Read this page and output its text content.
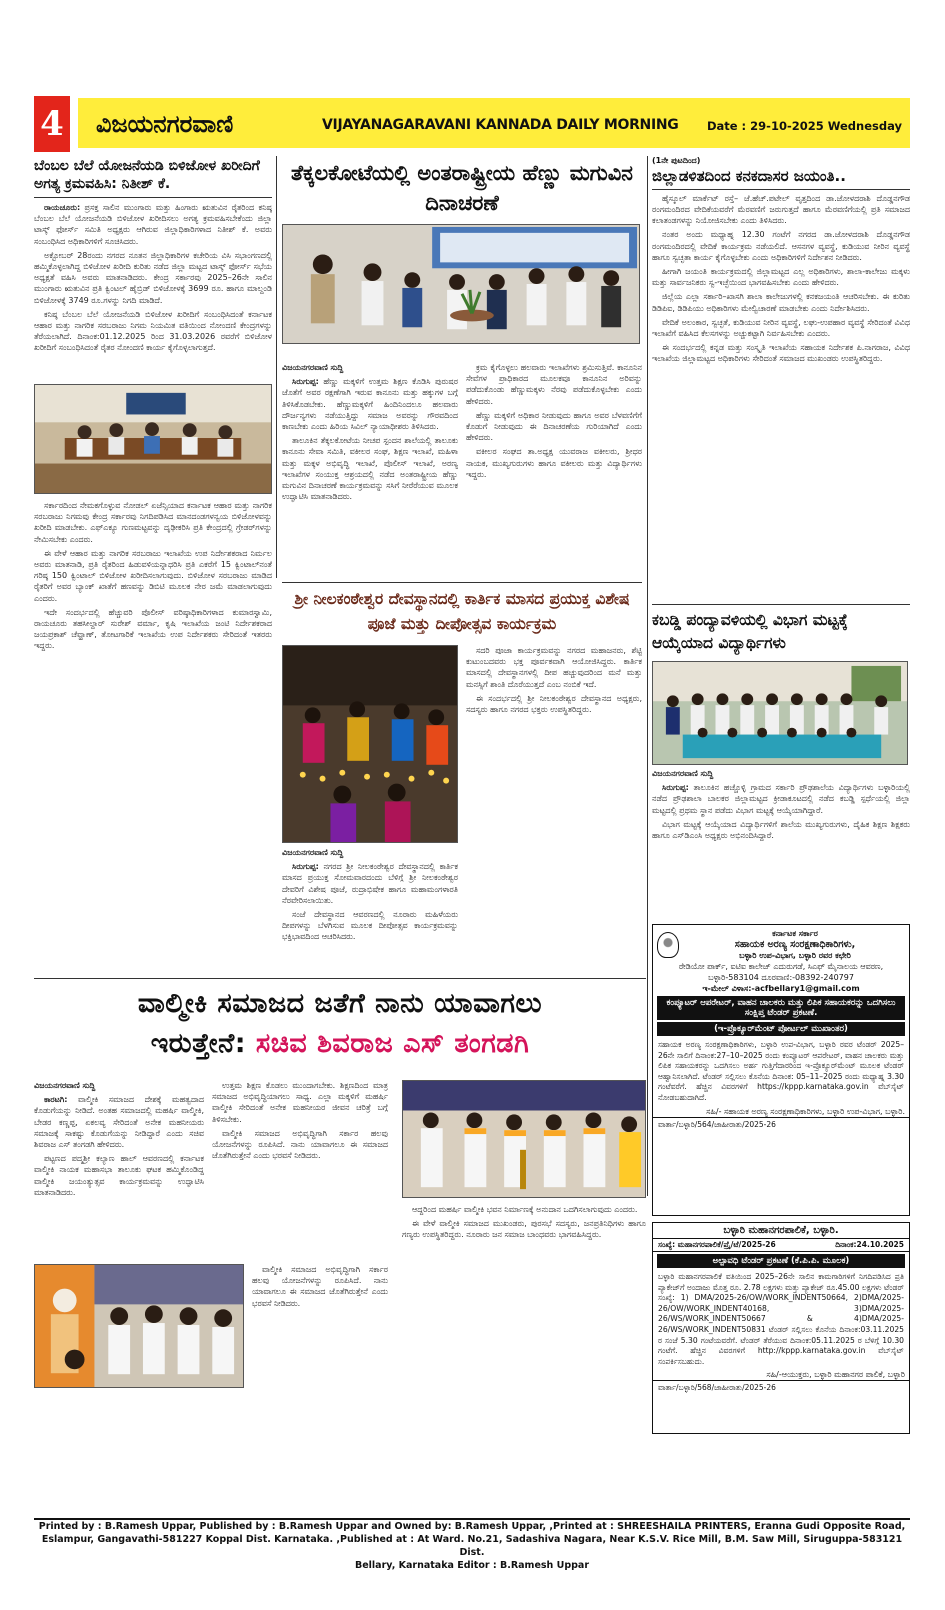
4 ವಿಜಯನಗರವಾಣಿ	VIJAYANAGARAVANI KANNADA DAILY MORNING Date : 29-10-2025 Wednesday
ಬೆಂಬಲ ಬೆಲೆ ಯೋಜನೆಯಡಿ ಬಿಳಿಜೋಳ ಖರೀದಿಗೆ ಅಗತ್ಯ ಕ್ರಮವಹಿಸಿ: ನಿತೀಶ್ ಕೆ.

ರಾಯಚೂರು: ಪ್ರಸಕ್ತ ಸಾಲಿನ ಮುಂಗಾರು ಮತ್ತು ಹಿಂಗಾರು ಋತುವಿನ ರೈತರಿಂದ ಕನಿಷ್ಠ ಬೆಂಬಲ ಬೆಲೆ ಯೋಜನೆಯಡಿ ಬಿಳಿಜೋಳ ಖರೀದಿಸಲು ಅಗತ್ಯ ಕ್ರಮವಹಿಸಬೇಕೆಂದು ಜಿಲ್ಲಾ ಟಾಸ್ಕ್ ಫೋರ್ಸ್ ಸಮಿತಿ ಅಧ್ಯಕ್ಷರು ಆಗಿರುವ ಜಿಲ್ಲಾಧಿಕಾರಿಗಳಾದ ನಿತೀಶ್ ಕೆ. ಅವರು ಸಂಬಂಧಿಸಿದ ಅಧಿಕಾರಿಗಳಿಗೆ ಸೂಚಿಸಿದರು.

ಅಕ್ಟೋಬರ್ 28ರಂದು ನಗರದ ನೂತನ ಜಿಲ್ಲಾಧಿಕಾರಿಗಳ ಕಚೇರಿಯ ವಿಸಿ ಸಭಾಂಗಣದಲ್ಲಿ ಹಮ್ಮಿಕೊಳ್ಳಲಾಗಿದ್ದ ಬಿಳಿಜೋಳ ಖರೀದಿ ಕುರಿತು ನಡೆದ ಜಿಲ್ಲಾ ಮಟ್ಟದ ಟಾಸ್ಕ್ ಫೋರ್ಸ್ ಸಭೆಯ ಅಧ್ಯಕ್ಷತೆ ವಹಿಸಿ ಅವರು ಮಾತನಾಡಿದರು. ಕೇಂದ್ರ ಸರ್ಕಾರವು 2025–26ನೇ ಸಾಲಿನ ಮುಂಗಾರು ಋತುವಿನ ಪ್ರತಿ ಕ್ವಿಂಟಲ್ ಹೈಬ್ರಿಡ್ ಬಿಳಿಜೋಳಕ್ಕೆ 3699 ರೂ. ಹಾಗೂ ಮಾಲ್ದಂಡಿ ಬಿಳಿಜೋಳಕ್ಕೆ 3749 ರೂ.ಗಳನ್ನು ನಿಗದಿ ಮಾಡಿದೆ.

ಕನಿಷ್ಠ ಬೆಂಬಲ ಬೆಲೆ ಯೋಜನೆಯಡಿ ಬಿಳಿಜೋಳ ಖರೀದಿಗೆ ಸಂಬಂಧಿಸಿದಂತೆ ಕರ್ನಾಟಕ ಆಹಾರ ಮತ್ತು ನಾಗರಿಕ ಸರಬರಾಜು ನಿಗಮ ನಿಯಮಿತ ವತಿಯಿಂದ ನೋಂದಣಿ ಕೇಂದ್ರಗಳನ್ನು ತೆರೆಯಲಾಗಿದೆ. ದಿನಾಂಕ:01.12.2025 ರಿಂದ 31.03.2026 ರವರೆಗೆ ಬಿಳಿಜೋಳ ಖರೀದಿಗೆ ಸಂಬಂಧಿಸಿದಂತೆ ರೈತರ ನೋಂದಣಿ ಕಾರ್ಯ ಕೈಗೊಳ್ಳಲಾಗುತ್ತದೆ.

ಸರ್ಕಾರದಿಂದ ನೇಮಕಗೊಳ್ಳುವ ನೋಡಲ್ ಏಜೆನ್ಸಿಯಾದ ಕರ್ನಾಟಕ ಆಹಾರ ಮತ್ತು ನಾಗರಿಕ ಸರಬರಾಜು ನಿಗಮವು ಕೇಂದ್ರ ಸರ್ಕಾರವು ನಿಗದಿಪಡಿಸಿದ ಮಾನದಂಡಗಳನ್ವಯ ಬಿಳಿಜೋಳವನ್ನು ಖರೀದಿ ಮಾಡಬೇಕು. ಎಫ್‌ಎಕ್ಯೂ ಗುಣಮಟ್ಟವನ್ನು ದೃಢೀಕರಿಸಿ ಪ್ರತಿ ಕೇಂದ್ರದಲ್ಲಿ ಗ್ರೇಡರ್‌ಗಳನ್ನು ನೇಮಿಸಬೇಕು ಎಂದರು.

ಈ ವೇಳೆ ಆಹಾರ ಮತ್ತು ನಾಗರಿಕ ಸರಬರಾಜು ಇಲಾಖೆಯ ಉಪ ನಿರ್ದೇಶಕರಾದ ನಿರ್ಮಲ ಅವರು ಮಾತನಾಡಿ, ಪ್ರತಿ ರೈತರಿಂದ ಹಿಡುವಳಿಯನ್ನಾಧರಿಸಿ ಪ್ರತಿ ಎಕರೆಗೆ 15 ಕ್ವಿಂಟಾಲ್‌ನಂತೆ ಗರಿಷ್ಠ 150 ಕ್ವಿಂಟಾಲ್ ಬಿಳಿಜೋಳ ಖರೀದಿಸಲಾಗುವುದು. ಬಿಳಿಜೋಳ ಸರಬರಾಜು ಮಾಡಿದ ರೈತರಿಗೆ ಅವರ ಬ್ಯಾಂಕ್ ಖಾತೆಗೆ ಹಣವನ್ನು ಡಿಬಿಟಿ ಮೂಲಕ ನೇರ ಜಮೆ ಮಾಡಲಾಗುವುದು ಎಂದರು.

ಇದೇ ಸಂದರ್ಭದಲ್ಲಿ ಹೆಚ್ಚುವರಿ ಪೊಲೀಸ್ ವರಿಷ್ಠಾಧಿಕಾರಿಗಳಾದ ಕುಮಾರಸ್ವಾಮಿ, ರಾಯಚೂರು ತಹಸೀಲ್ದಾರ್ ಸುರೇಶ್ ವರ್ಮಾ, ಕೃಷಿ ಇಲಾಖೆಯ ಜಂಟಿ ನಿರ್ದೇಶಕರಾದ ಜಯಪ್ರಕಾಶ್ ಚೆವ್ಹಾಣ್, ತೋಟಗಾರಿಕೆ ಇಲಾಖೆಯ ಉಪ ನಿರ್ದೇಶಕರು ಸೇರಿದಂತೆ ಇತರರು ಇದ್ದರು.

ತೆಕ್ಕಲಕೋಟೆಯಲ್ಲಿ ಅಂತರಾಷ್ಟ್ರೀಯ ಹೆಣ್ಣು ಮಗುವಿನ ದಿನಾಚರಣೆ

ವಿಜಯನಗರವಾಣಿ ಸುದ್ದಿ

ಸಿರುಗುಪ್ಪ: ಹೆಣ್ಣು ಮಕ್ಕಳಿಗೆ ಉತ್ತಮ ಶಿಕ್ಷಣ ಕೊಡಿಸಿ ಪುರುಷರ ಜೊತೆಗೆ ಅವರ ರಕ್ಷಣೆಗಾಗಿ ಇರುವ ಕಾನೂನು ಮತ್ತು ಹಕ್ಕುಗಳ ಬಗ್ಗೆ ತಿಳಿಸಿಕೊಡಬೇಕು. ಹೆಣ್ಣುಮಕ್ಕಳಿಗೆ ಹಿಂದಿನಿಂದಲೂ ಹಲವಾರು ದೌರ್ಜನ್ಯಗಳು ನಡೆಯುತ್ತಿದ್ದು ಸಮಾಜ ಅವರನ್ನು ಗೌರವದಿಂದ ಕಾಣಬೇಕು ಎಂದು ಹಿರಿಯ ಸಿವಿಲ್ ನ್ಯಾಯಾಧೀಶರು ತಿಳಿಸಿದರು.

ತಾಲೂಕಿನ ತೆಕ್ಕಲಕೋಟೆಯ ನೀಚಪ ಸ್ಪಂದನ ಶಾಲೆಯಲ್ಲಿ ತಾಲೂಕು ಕಾನೂನು ಸೇವಾ ಸಮಿತಿ, ವಕೀಲರ ಸಂಘ, ಶಿಕ್ಷಣ ಇಲಾಖೆ, ಮಹಿಳಾ ಮತ್ತು ಮಕ್ಕಳ ಅಭಿವೃದ್ಧಿ ಇಲಾಖೆ, ಪೊಲೀಸ್ ಇಲಾಖೆ, ಅರಣ್ಯ ಇಲಾಖೆಗಳ ಸಂಯುಕ್ತ ಆಶ್ರಯದಲ್ಲಿ ನಡೆದ ಅಂತರಾಷ್ಟ್ರೀಯ ಹೆಣ್ಣು ಮಗುವಿನ ದಿನಾಚರಣೆ ಕಾರ್ಯಕ್ರಮವನ್ನು ಸಸಿಗೆ ನೀರೆರೆಯುವ ಮೂಲಕ ಉದ್ಘಾಟಿಸಿ ಮಾತನಾಡಿದರು.

ಕ್ರಮ ಕೈಗೊಳ್ಳಲು ಹಲವಾರು ಇಲಾಖೆಗಳು ಶ್ರಮಿಸುತ್ತಿವೆ. ಕಾನೂನಿನ ಸೇವೆಗಳ ಪ್ರಾಧಿಕಾರದ ಮೂಲಕವೂ ಕಾನೂನಿನ ಅರಿವನ್ನು ಪಡೆದುಕೊಂಡು ಹೆಣ್ಣುಮಕ್ಕಳು ನೆರವು ಪಡೆದುಕೊಳ್ಳಬೇಕು ಎಂದು ಹೇಳಿದರು.

ಹೆಣ್ಣು ಮಕ್ಕಳಿಗೆ ಅಧಿಕಾರ ನೀಡುವುದು ಹಾಗೂ ಅವರ ಬೆಳವಣಿಗೆಗೆ ಕೊಡುಗೆ ನೀಡುವುದು ಈ ದಿನಾಚರಣೆಯ ಗುರಿಯಾಗಿದೆ ಎಂದು ಹೇಳಿದರು.

ವಕೀಲರ ಸಂಘದ ತಾ.ಅಧ್ಯಕ್ಷ ಯುವರಾಜ ವಕೀಲರು, ಶ್ರೀಧರ ನಾಯಕ, ಮುಖ್ಯಗುರುಗಳು ಹಾಗೂ ವಕೀಲರು ಮತ್ತು ವಿದ್ಯಾರ್ಥಿಗಳು ಇದ್ದರು.

ಶ್ರೀ ನೀಲಕಂಠೇಶ್ವರ ದೇವಸ್ಥಾನದಲ್ಲಿ ಕಾರ್ತಿಕ ಮಾಸದ ಪ್ರಯುಕ್ತ ವಿಶೇಷ ಪೂಜೆ ಮತ್ತು ದೀಪೋತ್ಸವ ಕಾರ್ಯಕ್ರಮ

ವಿಜಯನಗರವಾಣಿ ಸುದ್ದಿ

ಸಿರುಗುಪ್ಪ: ನಗರದ ಶ್ರೀ ನೀಲಕಂಠೇಶ್ವರ ದೇವಸ್ಥಾನದಲ್ಲಿ ಕಾರ್ತಿಕ ಮಾಸದ ಪ್ರಯುಕ್ತ ಸೋಮವಾರದಂದು ಬೆಳಿಗ್ಗೆ ಶ್ರೀ ನೀಲಕಂಠೇಶ್ವರ ದೇವರಿಗೆ ವಿಶೇಷ ಪೂಜೆ, ರುದ್ರಾಭಿಷೇಕ ಹಾಗೂ ಮಹಾಮಂಗಳಾರತಿ ನೆರವೇರಿಸಲಾಯಿತು.

ಸಂಜೆ ದೇವಸ್ಥಾನದ ಆವರಣದಲ್ಲಿ ನೂರಾರು ಮಹಿಳೆಯರು ದೀಪಗಳನ್ನು ಬೆಳಗಿಸುವ ಮೂಲಕ ದೀಪೋತ್ಸವ ಕಾರ್ಯಕ್ರಮವನ್ನು ಭಕ್ತಿಭಾವದಿಂದ ಆಚರಿಸಿದರು.

ಸದರಿ ಪೂಜಾ ಕಾರ್ಯಕ್ರಮವನ್ನು ನಗರದ ಮಹಾಜನರು, ಶೆಟ್ಟಿ ಕುಟುಂಬದವರು ಭಕ್ತ ಪೂರ್ವಕವಾಗಿ ಆಯೋಜಿಸಿದ್ದರು. ಕಾರ್ತಿಕ ಮಾಸದಲ್ಲಿ ದೇವಸ್ಥಾನಗಳಲ್ಲಿ ದೀಪ ಹಚ್ಚುವುದರಿಂದ ಮನೆ ಮತ್ತು ಮನಸ್ಸಿಗೆ ಶಾಂತಿ ದೊರೆಯುತ್ತದೆ ಎಂಬ ನಂಬಿಕೆ ಇದೆ.

ಈ ಸಂದರ್ಭದಲ್ಲಿ ಶ್ರೀ ನೀಲಕಂಠೇಶ್ವರ ದೇವಸ್ಥಾನದ ಅಧ್ಯಕ್ಷರು, ಸದಸ್ಯರು ಹಾಗೂ ನಗರದ ಭಕ್ತರು ಉಪಸ್ಥಿತರಿದ್ದರು.

(1ನೇ ಪುಟದಿಂದ)
ಜಿಲ್ಲಾಡಳಿತದಿಂದ ಕನಕದಾಸರ ಜಯಂತಿ..

ಹೈಸ್ಕೂಲ್ ಮಾರ್ಕೆಟ್ ರಸ್ತೆ– ಜೆ.ಹೆಚ್.ಪಟೇಲ್ ವೃತ್ತದಿಂದ ಡಾ.ಜೋಳದರಾಶಿ ದೊಡ್ಡನಗೌಡ ರಂಗಮಂದಿರದ ವೇದಿಕೆಯವರೆಗೆ ಮೆರವಣಿಗೆ ಜರುಗುತ್ತದೆ ಹಾಗೂ ಮೆರವಣಿಗೆಯಲ್ಲಿ ಪ್ರತಿ ಸಮಾಜದ ಕಲಾತಂಡಗಳನ್ನು ನಿಯೋಜಿಸಬೇಕು ಎಂದು ತಿಳಿಸಿದರು.

ನಂತರ ಅಂದು ಮಧ್ಯಾಹ್ನ 12.30 ಗಂಟೆಗೆ ನಗರದ ಡಾ.ಜೋಳದರಾಶಿ ದೊಡ್ಡನಗೌಡ ರಂಗಮಂದಿರದಲ್ಲಿ ವೇದಿಕೆ ಕಾರ್ಯಕ್ರಮ ನಡೆಯಲಿದೆ. ಆಸನಗಳ ವ್ಯವಸ್ಥೆ, ಕುಡಿಯುವ ನೀರಿನ ವ್ಯವಸ್ಥೆ ಹಾಗೂ ಸ್ವಚ್ಛತಾ ಕಾರ್ಯ ಕೈಗೊಳ್ಳಬೇಕು ಎಂದು ಅಧಿಕಾರಿಗಳಿಗೆ ನಿರ್ದೇಶನ ನೀಡಿದರು.

ಹೀಗಾಗಿ ಜಯಂತಿ ಕಾರ್ಯಕ್ರಮದಲ್ಲಿ ಜಿಲ್ಲಾಮಟ್ಟದ ಎಲ್ಲ ಅಧಿಕಾರಿಗಳು, ಶಾಲಾ-ಕಾಲೇಜು ಮಕ್ಕಳು ಮತ್ತು ಸಾರ್ವಜನಿಕರು ಸ್ವ-ಇಚ್ಛೆಯಿಂದ ಭಾಗವಹಿಸಬೇಕು ಎಂದು ಹೇಳಿದರು.

ಜಿಲ್ಲೆಯ ಎಲ್ಲಾ ಸರ್ಕಾರಿ–ಖಾಸಗಿ ಶಾಲಾ ಕಾಲೇಜುಗಳಲ್ಲಿ ಕನಕಜಯಂತಿ ಆಚರಿಸಬೇಕು. ಈ ಕುರಿತು ಡಿಡಿಪಿಐ, ಡಿಡಿಪಿಯು ಅಧಿಕಾರಿಗಳು ಮೇಲ್ವಿಚಾರಣೆ ಮಾಡಬೇಕು ಎಂದು ನಿರ್ದೇಶಿಸಿದರು.

ವೇದಿಕೆ ಅಲಂಕಾರ, ಸ್ವಚ್ಛತೆ, ಕುಡಿಯುವ ನೀರಿನ ವ್ಯವಸ್ಥೆ, ಲಘು-ಉಪಹಾರ ವ್ಯವಸ್ಥೆ ಸೇರಿದಂತೆ ವಿವಿಧ ಇಲಾಖೆಗೆ ವಹಿಸಿದ ಕೆಲಸಗಳನ್ನು ಅಚ್ಚುಕಟ್ಟಾಗಿ ನಿರ್ವಹಿಸಬೇಕು ಎಂದರು.

ಈ ಸಂದರ್ಭದಲ್ಲಿ ಕನ್ನಡ ಮತ್ತು ಸಂಸ್ಕೃತಿ ಇಲಾಖೆಯ ಸಹಾಯಕ ನಿರ್ದೇಶಕ ಪಿ.ನಾಗರಾಜ, ವಿವಿಧ ಇಲಾಖೆಯ ಜಿಲ್ಲಾಮಟ್ಟದ ಅಧಿಕಾರಿಗಳು ಸೇರಿದಂತೆ ಸಮಾಜದ ಮುಖಂಡರು ಉಪಸ್ಥಿತರಿದ್ದರು.

ಕಬಡ್ಡಿ ಪಂದ್ಯಾವಳಿಯಲ್ಲಿ ವಿಭಾಗ ಮಟ್ಟಕ್ಕೆ ಆಯ್ಕೆಯಾದ ವಿದ್ಯಾರ್ಥಿಗಳು

ವಿಜಯನಗರವಾಣಿ ಸುದ್ದಿ

ಸಿರುಗುಪ್ಪ: ತಾಲೂಕಿನ ಹಚ್ಚೊಳ್ಳಿ ಗ್ರಾಮದ ಸರ್ಕಾರಿ ಪ್ರೌಢಶಾಲೆಯ ವಿದ್ಯಾರ್ಥಿಗಳು ಬಳ್ಳಾರಿಯಲ್ಲಿ ನಡೆದ ಪ್ರೌಢಶಾಲಾ ಬಾಲಕರ ಜಿಲ್ಲಾಮಟ್ಟದ ಕ್ರೀಡಾಕೂಟದಲ್ಲಿ ನಡೆದ ಕಬಡ್ಡಿ ಸ್ಪರ್ಧೆಯಲ್ಲಿ ಜಿಲ್ಲಾ ಮಟ್ಟದಲ್ಲಿ ಪ್ರಥಮ ಸ್ಥಾನ ಪಡೆದು ವಿಭಾಗ ಮಟ್ಟಕ್ಕೆ ಆಯ್ಕೆಯಾಗಿದ್ದಾರೆ.

ವಿಭಾಗ ಮಟ್ಟಕ್ಕೆ ಆಯ್ಕೆಯಾದ ವಿದ್ಯಾರ್ಥಿಗಳಿಗೆ ಶಾಲೆಯ ಮುಖ್ಯಗುರುಗಳು, ದೈಹಿಕ ಶಿಕ್ಷಣ ಶಿಕ್ಷಕರು ಹಾಗೂ ಎಸ್‌ಡಿಎಂಸಿ ಅಧ್ಯಕ್ಷರು ಅಭಿನಂದಿಸಿದ್ದಾರೆ.

ಕರ್ನಾಟಕ ಸರ್ಕಾರ
ಸಹಾಯಕ ಅರಣ್ಯ ಸಂರಕ್ಷಣಾಧಿಕಾರಿಗಳು,
ಬಳ್ಳಾರಿ ಉಪ-ವಿಭಾಗ, ಬಳ್ಳಾರಿ ರವರ ಕಛೇರಿ
ರೇಡಿಯೋ ಪಾರ್ಕ್, ಐಟಿಐ ಕಾಲೇಜ್ ಎದುರುಗಡೆ, ಸಿಎಫ್ ಮೈನಾಲಯ ಆವರಣ, ಬಳ್ಳಾರಿ-583104 ದೂರವಾಣಿ:-08392-240797
ಇ-ಮೇಲ್ ವಿಳಾಸ:-acfbellary1@gmail.com
ಕಂಪ್ಯೂಟರ್ ಆಪರೇಟರ್, ವಾಹನ ಚಾಲಕರು ಮತ್ತು ಲಿಪಿಕ ಸಹಾಯಕರನ್ನು ಒದಗಿಸಲು ಸಂಕ್ಷಿಪ್ತ ಟೆಂಡರ್ ಪ್ರಕಟಣೆ.
(ಇ-ಪ್ರೊಕ್ಯೂರ್‌ಮೆಂಟ್ ಪೋರ್ಟಲ್ ಮುಖಾಂತರ)
ಸಹಾಯಕ ಅರಣ್ಯ ಸಂರಕ್ಷಣಾಧಿಕಾರಿಗಳು, ಬಳ್ಳಾರಿ ಉಪ-ವಿಭಾಗ, ಬಳ್ಳಾರಿ ರವರ ಟೆಂಡರ್ 2025–26ನೇ ಸಾಲಿಗೆ ದಿನಾಂಕ:27–10–2025 ರಂದು ಕಂಪ್ಯೂಟರ್ ಆಪರೇಟರ್, ವಾಹನ ಚಾಲಕರು ಮತ್ತು ಲಿಪಿಕ ಸಹಾಯಕರನ್ನು ಒದಗಿಸಲು ಅರ್ಹ ಗುತ್ತಿಗೆದಾರರಿಂದ ಇ-ಪ್ರೊಕ್ಯೂರ್‌ಮೆಂಟ್ ಮೂಲಕ ಟೆಂಡರ್ ಆಹ್ವಾನಿಸಲಾಗಿದೆ. ಟೆಂಡರ್ ಸಲ್ಲಿಸಲು ಕೊನೆಯ ದಿನಾಂಕ: 05–11–2025 ರಂದು ಮಧ್ಯಾಹ್ನ 3.30 ಗಂಟೆವರೆಗೆ. ಹೆಚ್ಚಿನ ವಿವರಗಳಿಗೆ https://kppp.karnataka.gov.in ವೆಬ್‌ಸೈಟ್ ನೋಡಬಹುದಾಗಿದೆ.
ಸಹಿ/- ಸಹಾಯಕ ಅರಣ್ಯ ಸಂರಕ್ಷಣಾಧಿಕಾರಿಗಳು, ಬಳ್ಳಾರಿ ಉಪ-ವಿಭಾಗ, ಬಳ್ಳಾರಿ.
ವಾರ್ತಾ/ಬಳ್ಳಾರಿ/564/ಜಾಹೀರಾತು/2025-26
ಬಳ್ಳಾರಿ ಮಹಾನಗರಪಾಲಿಕೆ, ಬಳ್ಳಾರಿ.
ಸಂಖ್ಯೆ: ಮಹಾನಗರಪಾಲಿಕೆ/ಪ್ರೈ/ಟೆ/2025-26	ದಿನಾಂಕ:24.10.2025
ಅಲ್ಪಾವಧಿ ಟೆಂಡರ್ ಪ್ರಕಟಣೆ (ಕೆ.ಪಿ.ಪಿ. ಮೂಲಕ)
ಬಳ್ಳಾರಿ ಮಹಾನಗರಪಾಲಿಕೆ ವತಿಯಿಂದ 2025–26ನೇ ಸಾಲಿನ ಕಾಮಗಾರಿಗಳಿಗೆ ನಿಗದಿಪಡಿಸಿದ ಪ್ರತಿ ಪ್ಯಾಕೇಜ್‌ಗೆ ಅಂದಾಜು ಮೊತ್ತ ರೂ. 2.78 ಲಕ್ಷಗಳು ಮತ್ತು ಪ್ಯಾಕೇಜ್ ರೂ.45.00 ಲಕ್ಷಗಳು ಟೆಂಡರ್ ಸಂಖ್ಯೆ: 1) DMA/2025-26/OW/WORK_INDENT50664, 2)DMA/2025-26/OW/WORK_INDENT40168, 3)DMA/2025-26/WS/WORK_INDENT50667 & 4)DMA/2025-26/WS/WORK_INDENT50831 ಟೆಂಡರ್ ಸಲ್ಲಿಸಲು ಕೊನೆಯ ದಿನಾಂಕ:03.11.2025 ರ ಸಂಜೆ 5.30 ಗಂಟೆಯವರೆಗೆ. ಟೆಂಡರ್ ತೆರೆಯುವ ದಿನಾಂಕ:05.11.2025 ರ ಬೆಳಿಗ್ಗೆ 10.30 ಗಂಟೆಗೆ. ಹೆಚ್ಚಿನ ವಿವರಗಳಿಗೆ http://kppp.karnataka.gov.in ವೆಬ್‌ಸೈಟ್ ಸಂಪರ್ಕಿಸಬಹುದು.
ಸಹಿ/-ಆಯುಕ್ತರು, ಬಳ್ಳಾರಿ ಮಹಾನಗರ ಪಾಲಿಕೆ, ಬಳ್ಳಾರಿ
ವಾರ್ತಾ/ಬಳ್ಳಾರಿ/568/ಜಾಹೀರಾತು/2025-26
ವಾಲ್ಮೀಕಿ ಸಮಾಜದ ಜತೆಗೆ ನಾನು ಯಾವಾಗಲು
ಇರುತ್ತೇನೆ: ಸಚಿವ ಶಿವರಾಜ ಎಸ್ ತಂಗಡಗಿ

ವಿಜಯನಗರವಾಣಿ ಸುದ್ದಿ

ಕಾರಟಗಿ: ವಾಲ್ಮೀಕಿ ಸಮಾಜದ ದೇಶಕ್ಕೆ ಮಹತ್ವದಾದ ಕೊಡುಗೆಯನ್ನು ನೀಡಿದೆ. ಅಂತಹ ಸಮಾಜದಲ್ಲಿ ಮಹರ್ಷಿ ವಾಲ್ಮೀಕಿ, ಬೇಡರ ಕಣ್ಣಪ್ಪ, ಏಕಲವ್ಯ ಸೇರಿದಂತೆ ಅನೇಕ ಮಹನೀಯರು ಸಮಾಜಕ್ಕೆ ಸಾಕಷ್ಟು ಕೊಡುಗೆಯನ್ನು ನೀಡಿದ್ದಾರೆ ಎಂದು ಸಚಿವ ಶಿವರಾಜ ಎಸ್ ತಂಗಡಗಿ ಹೇಳಿದರು.

ಪಟ್ಟಣದ ಪದ್ಮಶ್ರೀ ಕಲ್ಯಾಣ ಹಾಲ್ ಆವರಣದಲ್ಲಿ ಕರ್ನಾಟಕ ವಾಲ್ಮೀಕಿ ನಾಯಕ ಮಹಾಸಭಾ ತಾಲೂಕು ಘಟಕ ಹಮ್ಮಿಕೊಂಡಿದ್ದ ವಾಲ್ಮೀಕಿ ಜಯಂತ್ಯುತ್ಸವ ಕಾರ್ಯಕ್ರಮವನ್ನು ಉದ್ಘಾಟಿಸಿ ಮಾತನಾಡಿದರು.

ಉತ್ತಮ ಶಿಕ್ಷಣ ಕೊಡಲು ಮುಂದಾಗಬೇಕು. ಶಿಕ್ಷಣದಿಂದ ಮಾತ್ರ ಸಮಾಜದ ಅಭಿವೃದ್ಧಿಯಾಗಲು ಸಾಧ್ಯ. ಎಲ್ಲಾ ಮಕ್ಕಳಿಗೆ ಮಹರ್ಷಿ ವಾಲ್ಮೀಕಿ ಸೇರಿದಂತೆ ಅನೇಕ ಮಹನೀಯರ ಜೀವನ ಚರಿತ್ರೆ ಬಗ್ಗೆ ತಿಳಿಸಬೇಕು.

ವಾಲ್ಮೀಕಿ ಸಮಾಜದ ಅಭಿವೃದ್ಧಿಗಾಗಿ ಸರ್ಕಾರ ಹಲವು ಯೋಜನೆಗಳನ್ನು ರೂಪಿಸಿದೆ. ನಾನು ಯಾವಾಗಲೂ ಈ ಸಮಾಜದ ಜೊತೆಗಿರುತ್ತೇನೆ ಎಂದು ಭರವಸೆ ನೀಡಿದರು.

ಆದ್ದರಿಂದ ಮಹರ್ಷಿ ವಾಲ್ಮೀಕಿ ಭವನ ನಿರ್ಮಾಣಕ್ಕೆ ಅನುದಾನ ಒದಗಿಸಲಾಗುವುದು ಎಂದರು.

ಈ ವೇಳೆ ವಾಲ್ಮೀಕಿ ಸಮಾಜದ ಮುಖಂಡರು, ಪುರಸಭೆ ಸದಸ್ಯರು, ಜನಪ್ರತಿನಿಧಿಗಳು ಹಾಗೂ ಗಣ್ಯರು ಉಪಸ್ಥಿತರಿದ್ದರು. ನೂರಾರು ಜನ ಸಮಾಜ ಬಾಂಧವರು ಭಾಗವಹಿಸಿದ್ದರು.

ವಾಲ್ಮೀಕಿ ಸಮಾಜದ ಅಭಿವೃದ್ಧಿಗಾಗಿ ಸರ್ಕಾರ ಹಲವು ಯೋಜನೆಗಳನ್ನು ರೂಪಿಸಿದೆ. ನಾನು ಯಾವಾಗಲೂ ಈ ಸಮಾಜದ ಜೊತೆಗಿರುತ್ತೇನೆ ಎಂದು ಭರವಸೆ ನೀಡಿದರು.

Printed by : B.Ramesh Uppar, Published by : B.Ramesh Uppar and Owned by: B.Ramesh Uppar, ,Printed at : SHREESHAILA PRINTERS, Eranna Gudi Opposite Road,

Eslampur, Gangavathi-581227 Koppal Dist. Karnataka. ,Published at : At Ward. No.21, Sadashiva Nagara, Near K.S.V. Rice Mill, B.M. Saw Mill, Siruguppa-583121 Dist.

Bellary, Karnataka Editor : B.Ramesh Uppar
